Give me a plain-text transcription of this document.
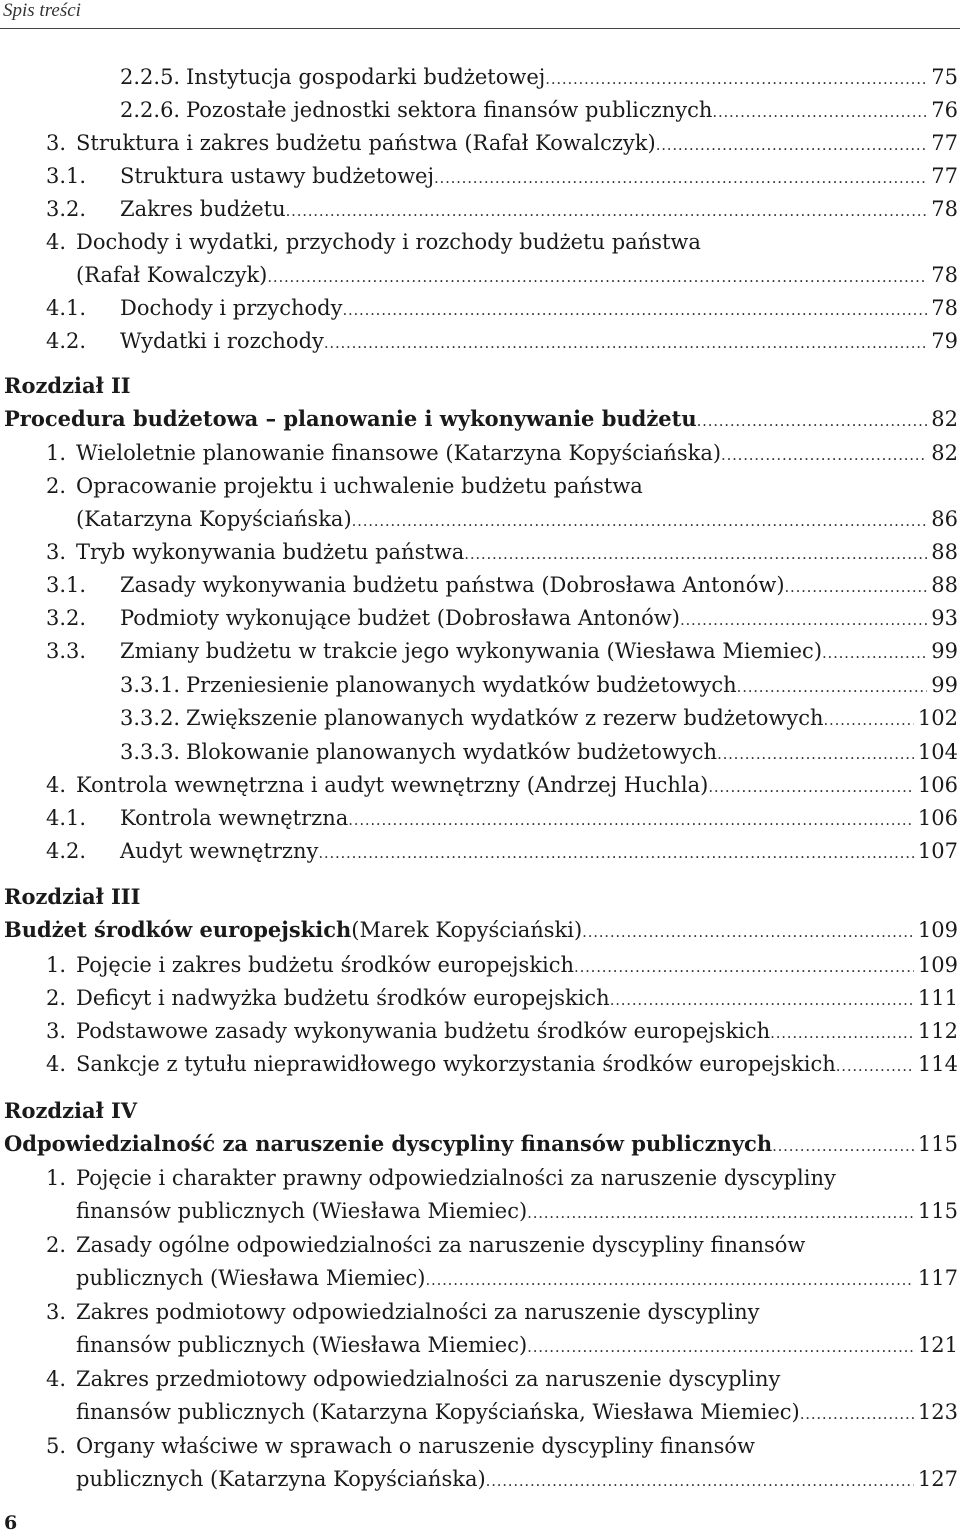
Spis treści
2.2.5. Instytucja gospodarki budżetowej . . .	75
2.2.6. Pozostałe jednostki sektora finansów publicznych . . .	76
3. Struktura i zakres budżetu państwa (Rafał Kowalczyk) . . .	77
3.1.	Struktura ustawy budżetowej . . .	77
3.2.	Zakres budżetu . . .	78
4. Dochody i wydatki, przychody i rozchody budżetu państwa
(Rafał Kowalczyk) . . .	78
4.1.	Dochody i przychody . . .	78
4.2.	Wydatki i rozchody . . .	79
Rozdział II
Procedura budżetowa – planowanie i wykonywanie budżetu . . .	82
1. Wieloletnie planowanie finansowe (Katarzyna Kopyściańska) . . .	82
2. Opracowanie projektu i uchwalenie budżetu państwa
(Katarzyna Kopyściańska) . . .	86
3. Tryb wykonywania budżetu państwa . . .	88
3.1.	Zasady wykonywania budżetu państwa (Dobrosława Antonów) . . .	88
3.2.	Podmioty wykonujące budżet (Dobrosława Antonów) . . .	93
3.3.	Zmiany budżetu w trakcie jego wykonywania (Wiesława Miemiec) . . .	99
3.3.1. Przeniesienie planowanych wydatków budżetowych . . .	99
3.3.2. Zwiększenie planowanych wydatków z rezerw budżetowych . . .	102
3.3.3. Blokowanie planowanych wydatków budżetowych . . .	104
4. Kontrola wewnętrzna i audyt wewnętrzny (Andrzej Huchla) . . .	106
4.1.	Kontrola wewnętrzna . . .	106
4.2.	Audyt wewnętrzny . . .	107
Rozdział III
Budżet środków europejskich (Marek Kopyściański) . . .	109
1. Pojęcie i zakres budżetu środków europejskich . . .	109
2. Deficyt i nadwyżka budżetu środków europejskich . . .	111
3. Podstawowe zasady wykonywania budżetu środków europejskich . . .	112
4. Sankcje z tytułu nieprawidłowego wykorzystania środków europejskich . . .	114
Rozdział IV
Odpowiedzialność za naruszenie dyscypliny finansów publicznych . . .	115
1. Pojęcie i charakter prawny odpowiedzialności za naruszenie dyscypliny
finansów publicznych (Wiesława Miemiec) . . .	115
2. Zasady ogólne odpowiedzialności za naruszenie dyscypliny finansów
publicznych (Wiesława Miemiec) . . .	117
3. Zakres podmiotowy odpowiedzialności za naruszenie dyscypliny
finansów publicznych (Wiesława Miemiec) . . .	121
4. Zakres przedmiotowy odpowiedzialności za naruszenie dyscypliny
finansów publicznych (Katarzyna Kopyściańska, Wiesława Miemiec) . . .	123
5. Organy właściwe w sprawach o naruszenie dyscypliny finansów
publicznych (Katarzyna Kopyściańska) . . .	127
6
